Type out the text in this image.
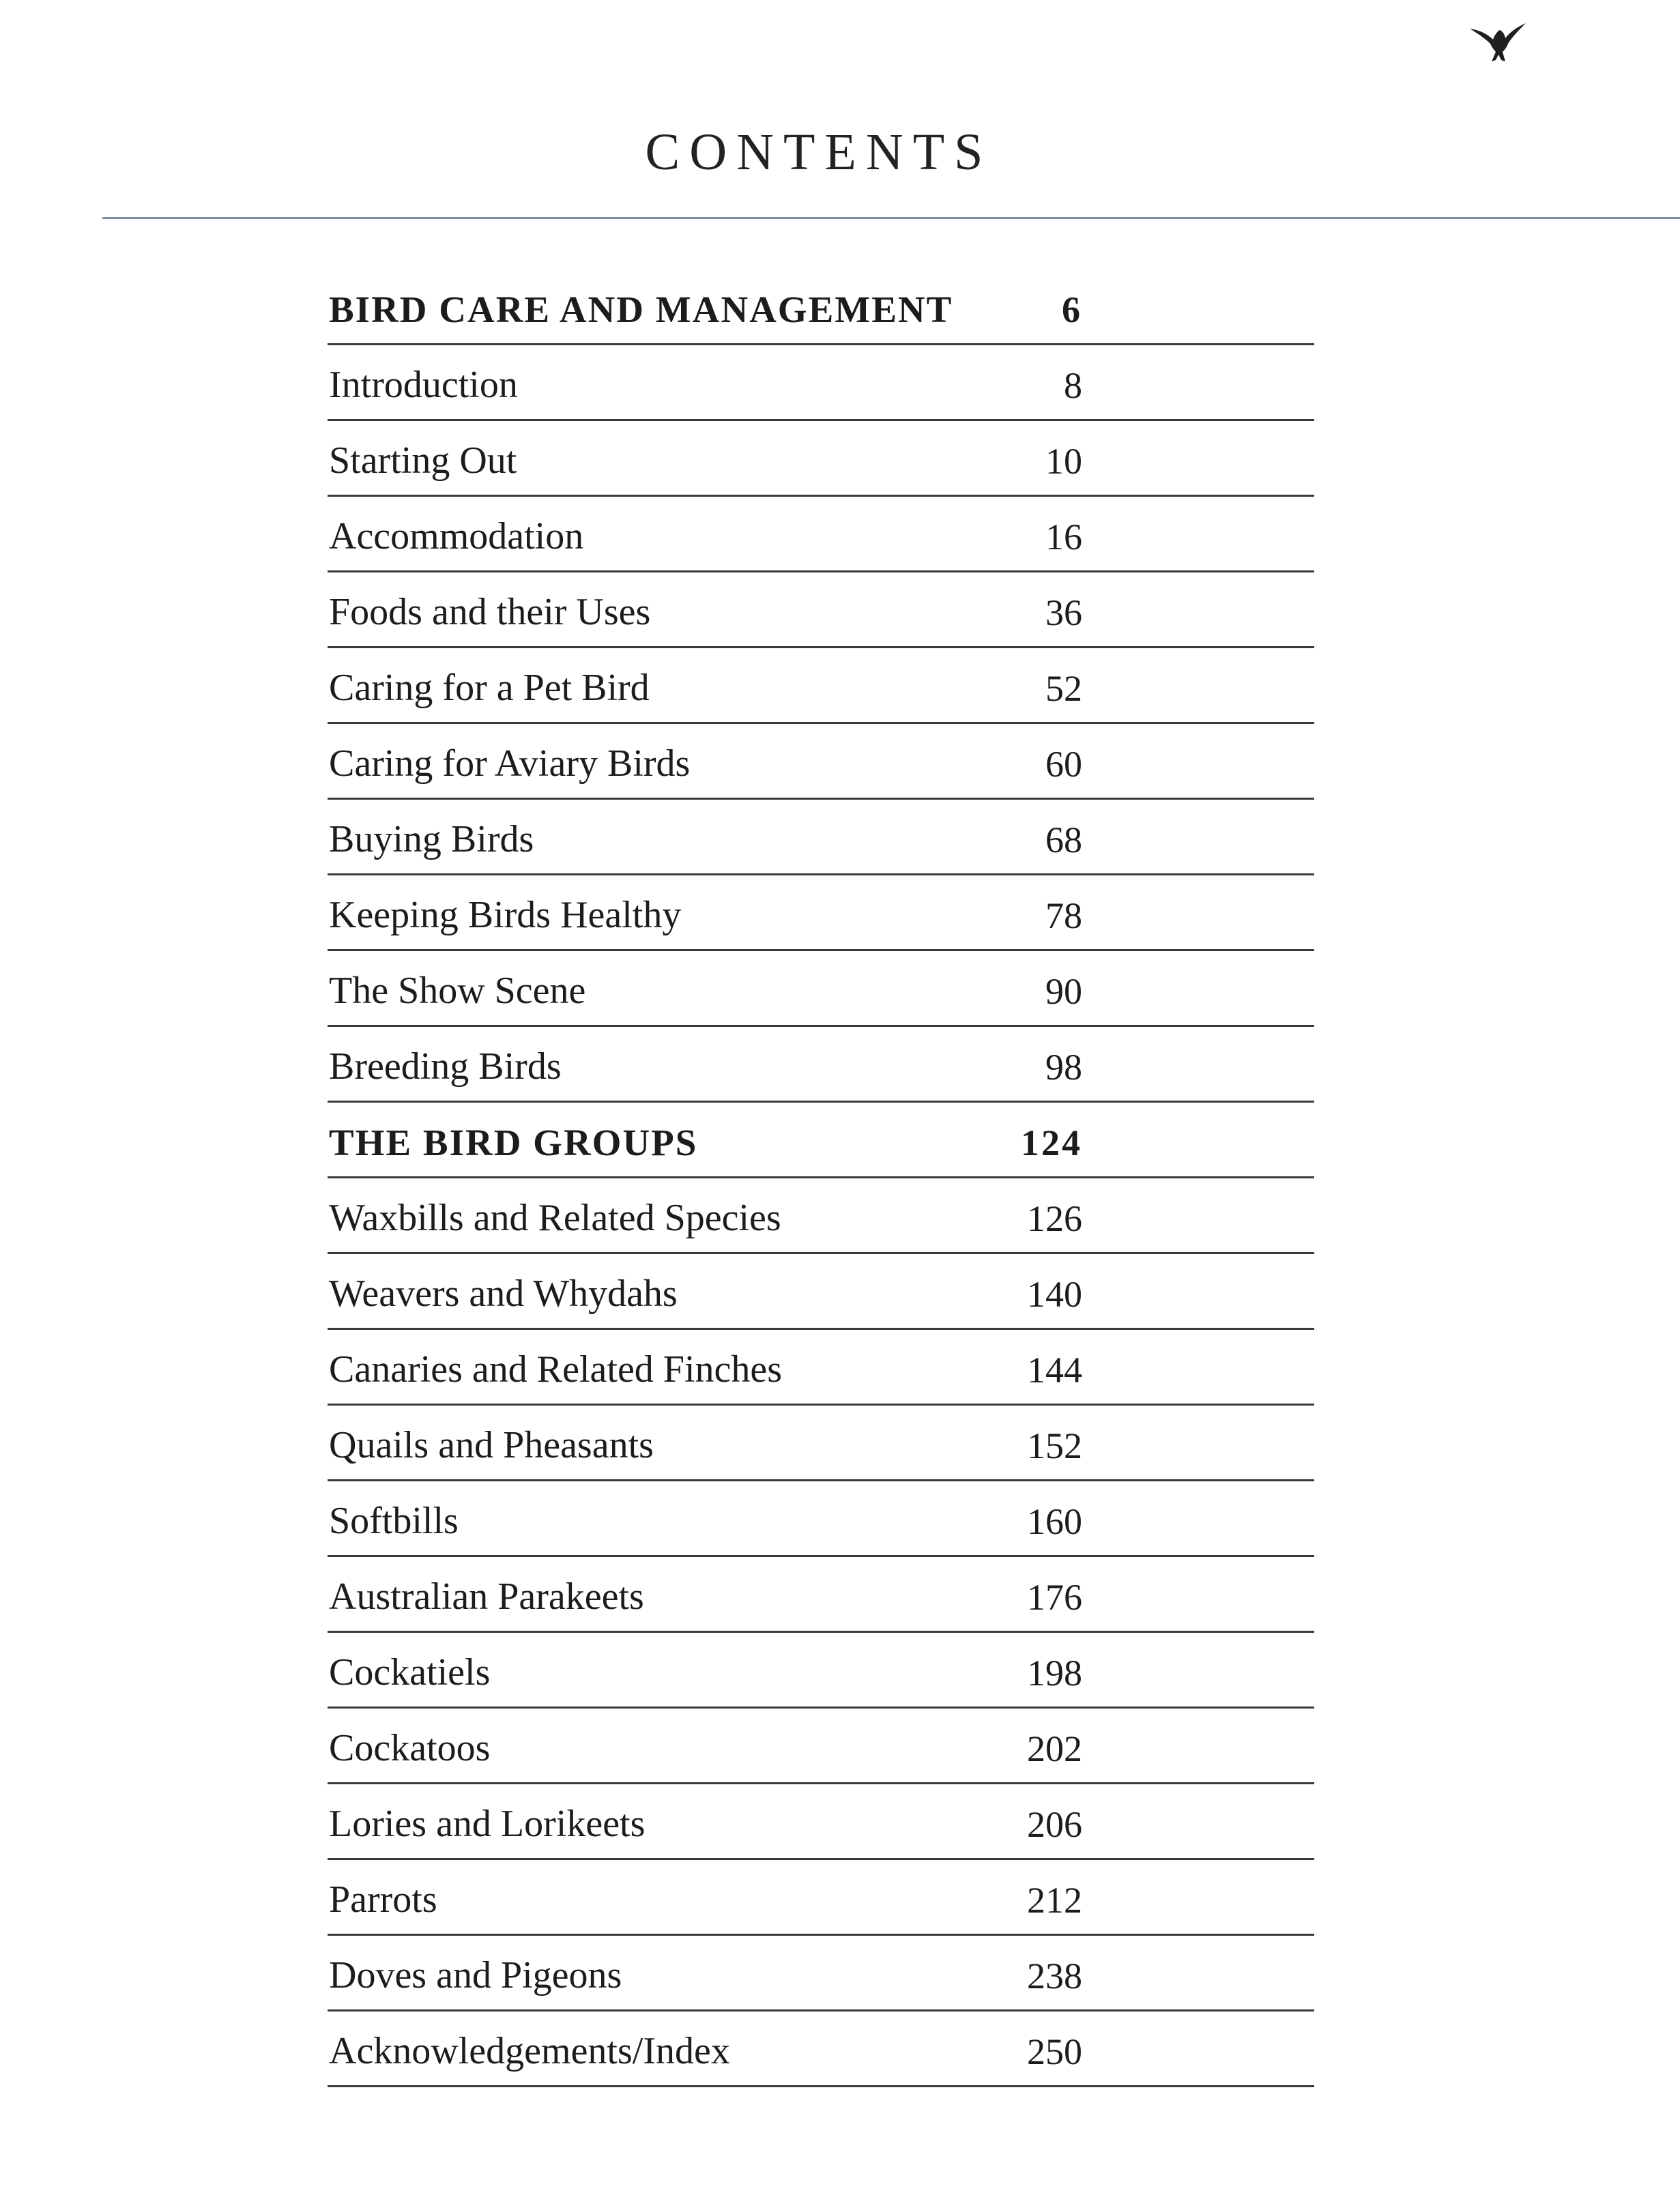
CONTENTS
BIRD CARE AND MANAGEMENT	6
Introduction	8
Starting Out	10
Accommodation	16
Foods and their Uses	36
Caring for a Pet Bird	52
Caring for Aviary Birds	60
Buying Birds	68
Keeping Birds Healthy	78
The Show Scene	90
Breeding Birds	98
THE BIRD GROUPS	124
Waxbills and Related Species	126
Weavers and Whydahs	140
Canaries and Related Finches	144
Quails and Pheasants	152
Softbills	160
Australian Parakeets	176
Cockatiels	198
Cockatoos	202
Lories and Lorikeets	206
Parrots	212
Doves and Pigeons	238
Acknowledgements/Index	250
